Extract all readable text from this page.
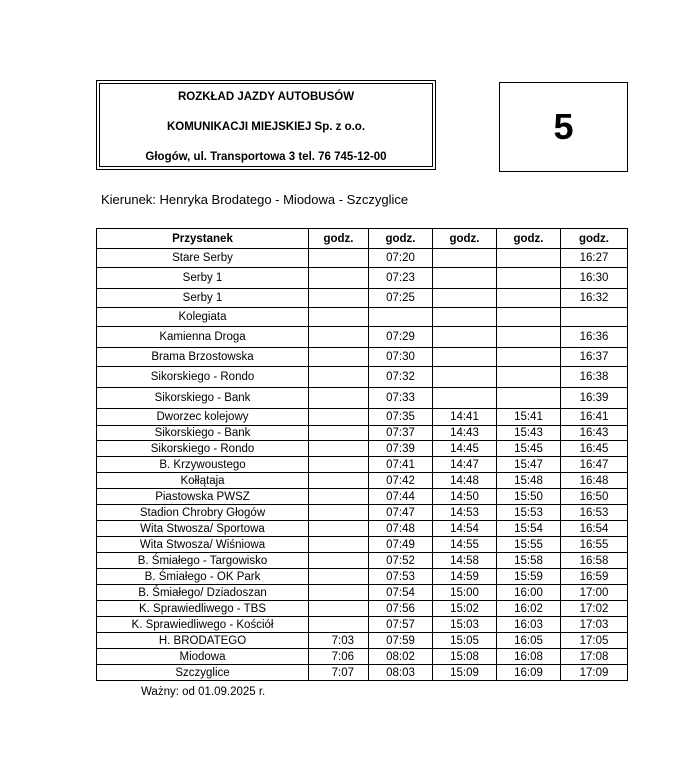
ROZKŁAD JAZDY AUTOBUSÓW
KOMUNIKACJI MIEJSKIEJ Sp. z o.o.
Głogów, ul. Transportowa 3 tel. 76 745-12-00
5
Kierunek: Henryka Brodatego - Miodowa - Szczyglice
Przystanek	godz.	godz.	godz.	godz.	godz.
Stare Serby		07:20			16:27
Serby 1		07:23			16:30
Serby 1		07:25			16:32
Kolegiata					
Kamienna Droga		07:29			16:36
Brama Brzostowska		07:30			16:37
Sikorskiego - Rondo		07:32			16:38
Sikorskiego - Bank		07:33			16:39
Dworzec kolejowy		07:35	14:41	15:41	16:41
Sikorskiego - Bank		07:37	14:43	15:43	16:43
Sikorskiego - Rondo		07:39	14:45	15:45	16:45
B. Krzywoustego		07:41	14:47	15:47	16:47
Kołłątaja		07:42	14:48	15:48	16:48
Piastowska PWSZ		07:44	14:50	15:50	16:50
Stadion Chrobry Głogów		07:47	14:53	15:53	16:53
Wita Stwosza/ Sportowa		07:48	14:54	15:54	16:54
Wita Stwosza/ Wiśniowa		07:49	14:55	15:55	16:55
B. Śmiałego - Targowisko		07:52	14:58	15:58	16:58
B. Śmiałego - OK Park		07:53	14:59	15:59	16:59
B. Śmiałego/ Dziadoszan		07:54	15:00	16:00	17:00
K. Sprawiedliwego - TBS		07:56	15:02	16:02	17:02
K. Sprawiedliwego - Kościół		07:57	15:03	16:03	17:03
H. BRODATEGO	7:03	07:59	15:05	16:05	17:05
Miodowa	7:06	08:02	15:08	16:08	17:08
Szczyglice	7:07	08:03	15:09	16:09	17:09
Ważny: od 01.09.2025 r.
